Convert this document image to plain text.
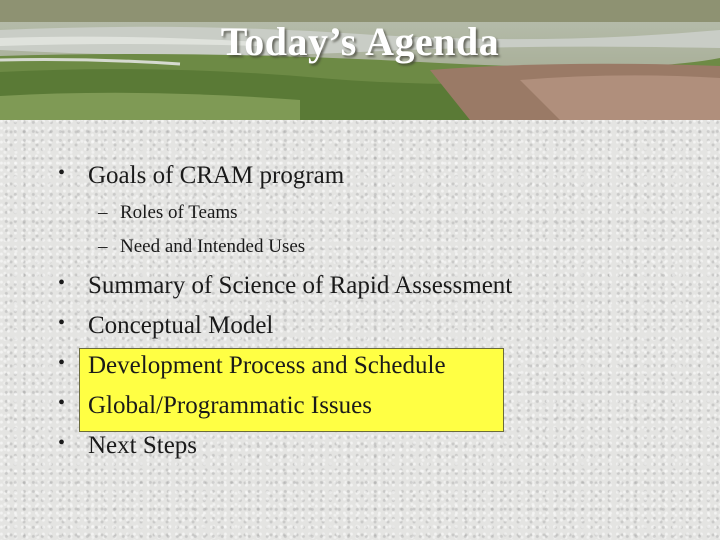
Today’s Agenda
• Goals of CRAM program
– Roles of Teams
– Need and Intended Uses
• Summary of Science of Rapid Assessment
• Conceptual Model
• Development Process and Schedule
• Global/Programmatic Issues
• Next Steps
